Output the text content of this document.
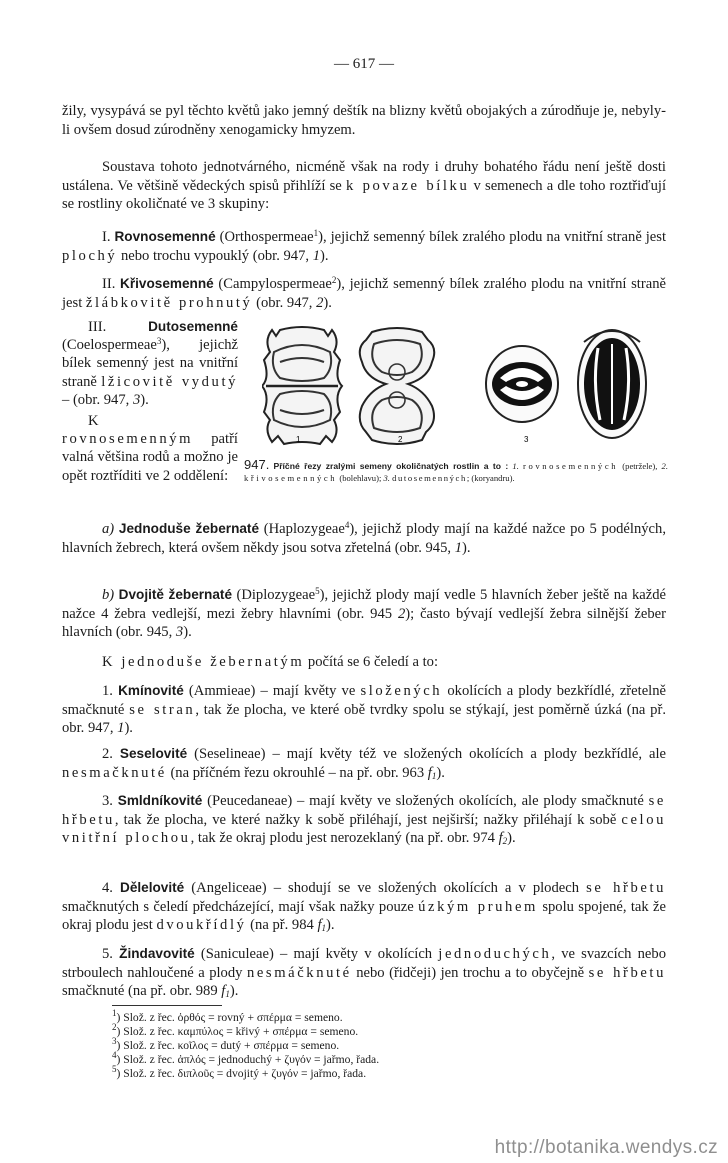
— 617 —
žily, vysypává se pyl těchto květů jako jemný deštík na blizny květů obojakých a zúrodňuje je, nebyly-li ovšem dosud zúrodněny xenogamicky hmyzem.
Soustava tohoto jednotvárného, nicméně však na rody i druhy bohatého řádu není ještě dosti ustálena. Ve většině vědeckých spisů přihlíží se k povaze bílku v semenech a dle toho roztřiďují se rostliny okoličnaté ve 3 skupiny:
I. Rovnosemenné (Orthospermeae$^1$), jejichž semenný bílek zralého plodu na vnitřní straně jest plochý nebo trochu vypouklý (obr. 947, 1).
II. Křivosemenné (Campylospermeae$^2$), jejichž semenný bílek zralého plodu na vnitřní straně jest žlábkovitě prohnutý (obr. 947, 2).
III. Dutosemenné (Coelospermeae$^3$), jejichž bílek semenný jest na vnitřní straně lžicovitě vydutý – (obr. 947, 3).
K rovnosemenným patří valná většina rodů a možno je opět roztříditi ve 2 oddělení:
1	2	3
947. Příčné řezy zralými semeny okoličnatých rostlin a to : 1. rovnosemenných (petržele), 2. křivosemenných (bolehlavu); 3. dutosemenných; (koryandru).
a) Jednoduše žebernaté (Haplozygeae$^4$), jejichž plody mají na každé nažce po 5 podélných, hlavních žebrech, která ovšem někdy jsou sotva zřetelná (obr. 945, 1).
b) Dvojitě žebernaté (Diplozygeae$^5$), jejichž plody mají vedle 5 hlavních žeber ještě na každé nažce 4 žebra vedlejší, mezi žebry hlavními (obr. 945 2); často bývají vedlejší žebra silnější žeber hlavních (obr. 945, 3).
K jednoduše žebernatým počítá se 6 čeledí a to:
1. Kmínovité (Ammieae) – mají květy ve složených okolících a plody bezkřídlé, zřetelně smačknuté se stran, tak že plocha, ve které obě tvrdky spolu se stýkají, jest poměrně úzká (na př. obr. 947, 1).
2. Seselovité (Seselineae) – mají květy též ve složených okolících a plody bezkřídlé, ale nesmačknuté (na příčném řezu okrouhlé – na př. obr. 963 $f_1$).
3. Smldníkovité (Peucedaneae) – mají květy ve složených okolících, ale plody smačknuté se hřbetu, tak že plocha, ve které nažky k sobě přiléhají, jest nejširší; nažky přiléhají k sobě celou vnitřní plochou, tak že okraj plodu jest nerozeklaný (na př. obr. 974 $f_2$).
4. Dělelovité (Angeliceae) – shodují se ve složených okolících a v plodech se hřbetu smačknutých s čeledí předcházející, mají však nažky pouze úzkým pruhem spolu spojené, tak že okraj plodu jest dvoukřídlý (na př. 984 $f_1$).
5. Žindavovité (Saniculeae) – mají květy v okolících jednoduchých, ve svazcích nebo strboulech nahloučené a plody nesmáčknuté nebo (řidčeji) jen trochu a to obyčejně se hřbetu smačknuté (na př. obr. 989 $f_1$).
$^1$) Slož. z řec. ὀρθός = rovný + σπέρμα = semeno.
$^2$) Slož. z řec. καμπύλος = křivý + σπέρμα = semeno.
$^3$) Slož. z řec. κοῖλος = dutý + σπέρμα = semeno.
$^4$) Slož. z řec. ἁπλός = jednoduchý + ζυγόν = jařmo, řada.
$^5$) Slož. z řec. διπλοῦς = dvojitý + ζυγόν = jařmo, řada.
http://botanika.wendys.cz
